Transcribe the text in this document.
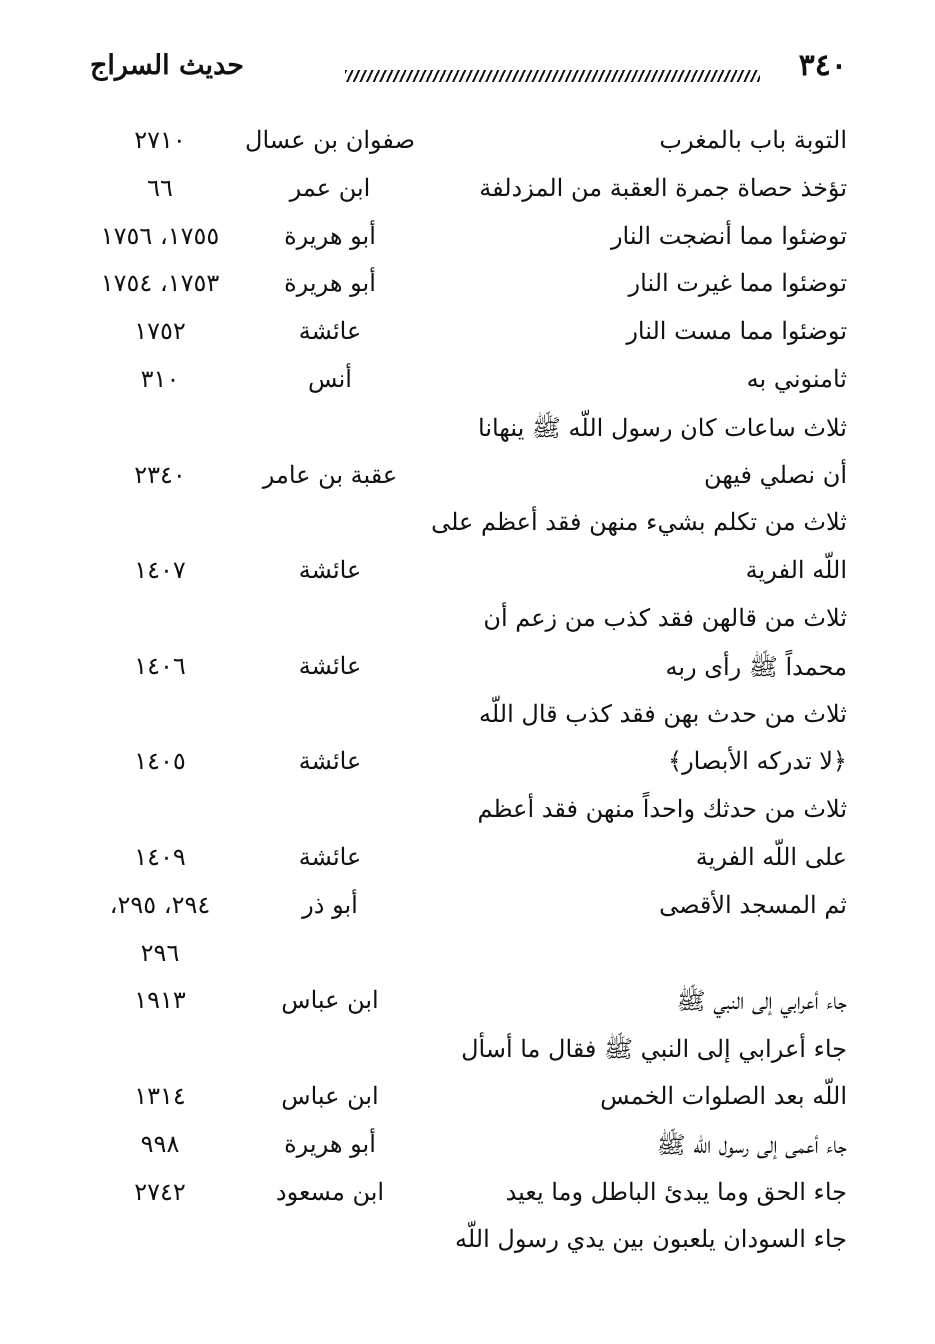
٣٤٠
حديث السراج
التوبة باب بالمغرب
صفوان بن عسال
٢٧١٠
تؤخذ حصاة جمرة العقبة من المزدلفة
ابن عمر
٦٦
توضئوا مما أنضجت النار
أبو هريرة
١٧٥٥، ١٧٥٦
توضئوا مما غيرت النار
أبو هريرة
١٧٥٣، ١٧٥٤
توضئوا مما مست النار
عائشة
١٧٥٢
ثامنوني به
أنس
٣١٠
ثلاث ساعات كان رسول اللّه ﷺ ينهانا
أن نصلي فيهن
عقبة بن عامر
٢٣٤٠
ثلاث من تكلم بشيء منهن فقد أعظم على
اللّه الفرية
عائشة
١٤٠٧
ثلاث من قالهن فقد كذب من زعم أن
محمداً ﷺ رأى ربه
عائشة
١٤٠٦
ثلاث من حدث بهن فقد كذب قال اللّه
﴿لا تدركه الأبصار﴾
عائشة
١٤٠٥
ثلاث من حدثك واحداً منهن فقد أعظم
على اللّه الفرية
عائشة
١٤٠٩
ثم المسجد الأقصى
أبو ذر
٢٩٤، ٢٩٥،
٢٩٦
جاء أعرابي إلى النبي ﷺ
ابن عباس
١٩١٣
جاء أعرابي إلى النبي ﷺ فقال ما أسأل
اللّه بعد الصلوات الخمس
ابن عباس
١٣١٤
جاء أعمى إلى رسول اللّه ﷺ
أبو هريرة
٩٩٨
جاء الحق وما يبدئ الباطل وما يعيد
ابن مسعود
٢٧٤٢
جاء السودان يلعبون بين يدي رسول اللّه
